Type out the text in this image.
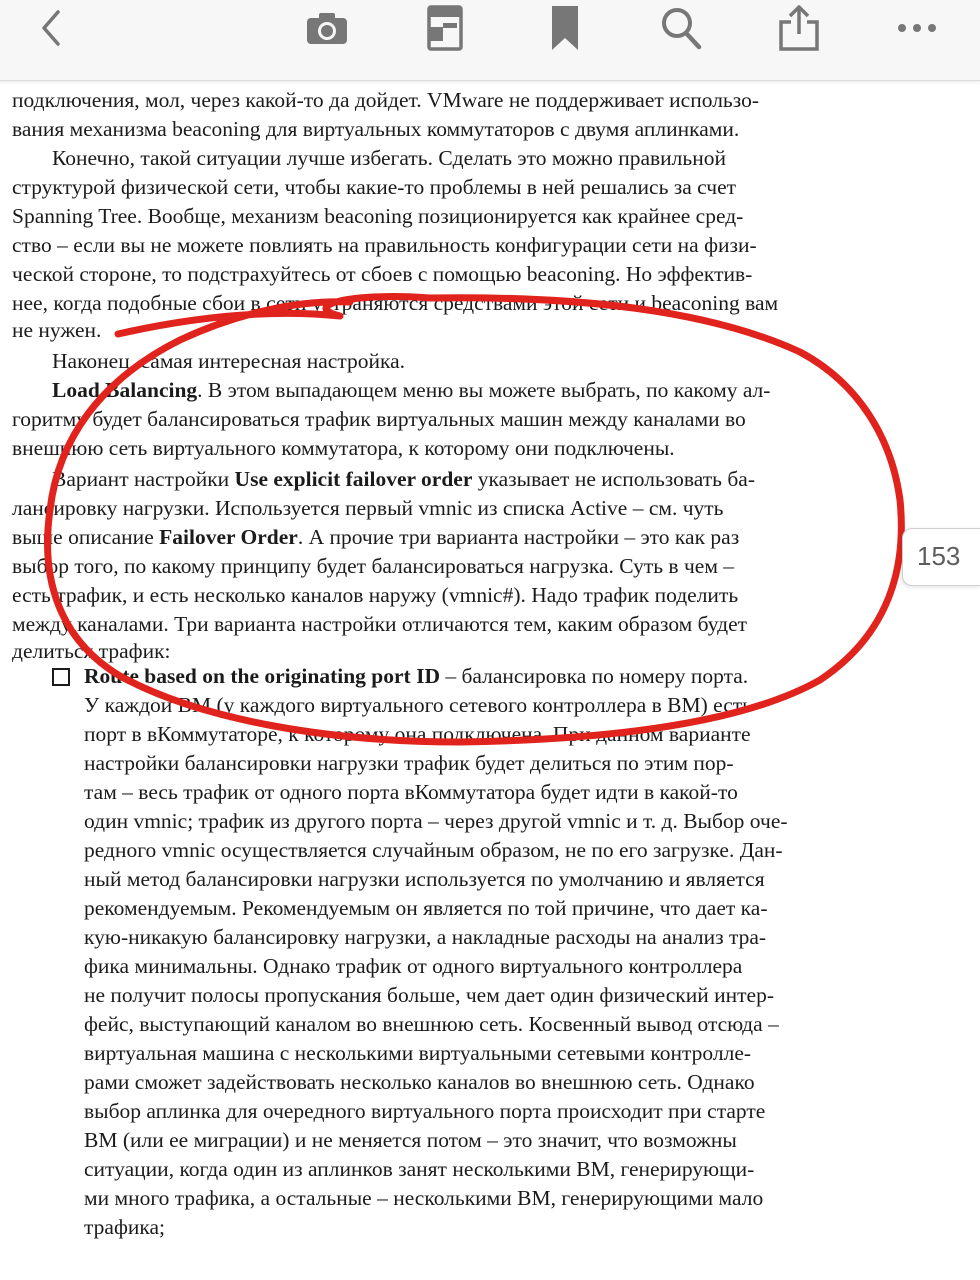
подключения, мол, через какой-то да дойдет. VMware не поддерживает использо-
вания механизма beaconing для виртуальных коммутаторов с двумя аплинками.
Конечно, такой ситуации лучше избегать. Сделать это можно правильной
структурой физической сети, чтобы какие-то проблемы в ней решались за счет
Spanning Tree. Вообще, механизм beaconing позиционируется как крайнее сред-
ство – если вы не можете повлиять на правильность конфигурации сети на физи-
ческой стороне, то подстрахуйтесь от сбоев с помощью beaconing. Но эффектив-
нее, когда подобные сбои в сети устраняются средствами этой сети и beaconing вам
не нужен.
Наконец, самая интересная настройка.
Load Balancing. В этом выпадающем меню вы можете выбрать, по какому ал-
горитму будет балансироваться трафик виртуальных машин между каналами во
внешнюю сеть виртуального коммутатора, к которому они подключены.
Вариант настройки Use explicit failover order указывает не использовать ба-
лансировку нагрузки. Используется первый vmnic из списка Active – см. чуть
выше описание Failover Order. А прочие три варианта настройки – это как раз
выбор того, по какому принципу будет балансироваться нагрузка. Суть в чем –
есть трафик, и есть несколько каналов наружу (vmnic#). Надо трафик поделить
между каналами. Три варианта настройки отличаются тем, каким образом будет
делиться трафик:
Route based on the originating port ID – балансировка по номеру порта.
У каждой ВМ (у каждого виртуального сетевого контроллера в ВМ) есть
порт в вКоммутаторе, к которому она подключена. При данном варианте
настройки балансировки нагрузки трафик будет делиться по этим пор-
там – весь трафик от одного порта вКоммутатора будет идти в какой-то
один vmnic; трафик из другого порта – через другой vmnic и т. д. Выбор оче-
редного vmnic осуществляется случайным образом, не по его загрузке. Дан-
ный метод балансировки нагрузки используется по умолчанию и является
рекомендуемым. Рекомендуемым он является по той причине, что дает ка-
кую-никакую балансировку нагрузки, а накладные расходы на анализ тра-
фика минимальны. Однако трафик от одного виртуального контроллера
не получит полосы пропускания больше, чем дает один физический интер-
фейс, выступающий каналом во внешнюю сеть. Косвенный вывод отсюда –
виртуальная машина с несколькими виртуальными сетевыми контролле-
рами сможет задействовать несколько каналов во внешнюю сеть. Однако
выбор аплинка для очередного виртуального порта происходит при старте
ВМ (или ее миграции) и не меняется потом – это значит, что возможны
ситуации, когда один из аплинков занят несколькими ВМ, генерирующи-
ми много трафика, а остальные – несколькими ВМ, генерирующими мало
трафика;
153
